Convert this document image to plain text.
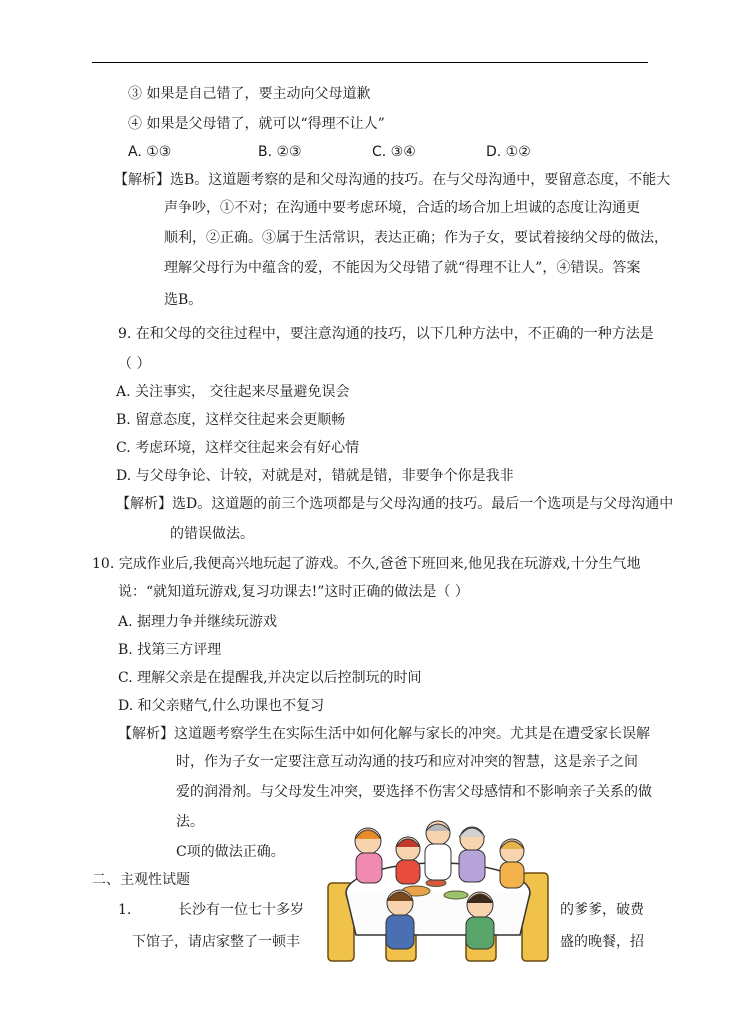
③ 如果是自己错了，要主动向父母道歉
④ 如果是父母错了，就可以“得理不让人”
A. ①③	B. ②③	C. ③④	D. ①②
【解析】选B。这道题考察的是和父母沟通的技巧。在与父母沟通中，要留意态度，不能大
声争吵，①不对；在沟通中要考虑环境，合适的场合加上坦诚的态度让沟通更
顺利，②正确。③属于生活常识，表达正确；作为子女，要试着接纳父母的做法，
理解父母行为中蕴含的爱，不能因为父母错了就“得理不让人”，④错误。答案
选B。
9. 在和父母的交往过程中，要注意沟通的技巧，以下几种方法中，不正确的一种方法是
（ ）
A. 关注事实， 交往起来尽量避免误会
B. 留意态度，这样交往起来会更顺畅
C. 考虑环境，这样交往起来会有好心情
D. 与父母争论、计较，对就是对，错就是错，非要争个你是我非
【解析】选D。这道题的前三个选项都是与父母沟通的技巧。最后一个选项是与父母沟通中
的错误做法。
10. 完成作业后,我便高兴地玩起了游戏。不久,爸爸下班回来,他见我在玩游戏,十分生气地
说：“就知道玩游戏,复习功课去!”这时正确的做法是（ ）
A. 据理力争并继续玩游戏
B. 找第三方评理
C. 理解父亲是在提醒我,并决定以后控制玩的时间
D. 和父亲赌气,什么功课也不复习
【解析】这道题考察学生在实际生活中如何化解与家长的冲突。尤其是在遭受家长误解
时，作为子女一定要注意互动沟通的技巧和应对冲突的智慧，这是亲子之间
爱的润滑剂。与父母发生冲突，要选择不伤害父母感情和不影响亲子关系的做
法。
C项的做法正确。
二、主观性试题
1.	长沙有一位七十多岁	的爹爹，破费
下馆子，请店家整了一顿丰	盛的晚餐，招
